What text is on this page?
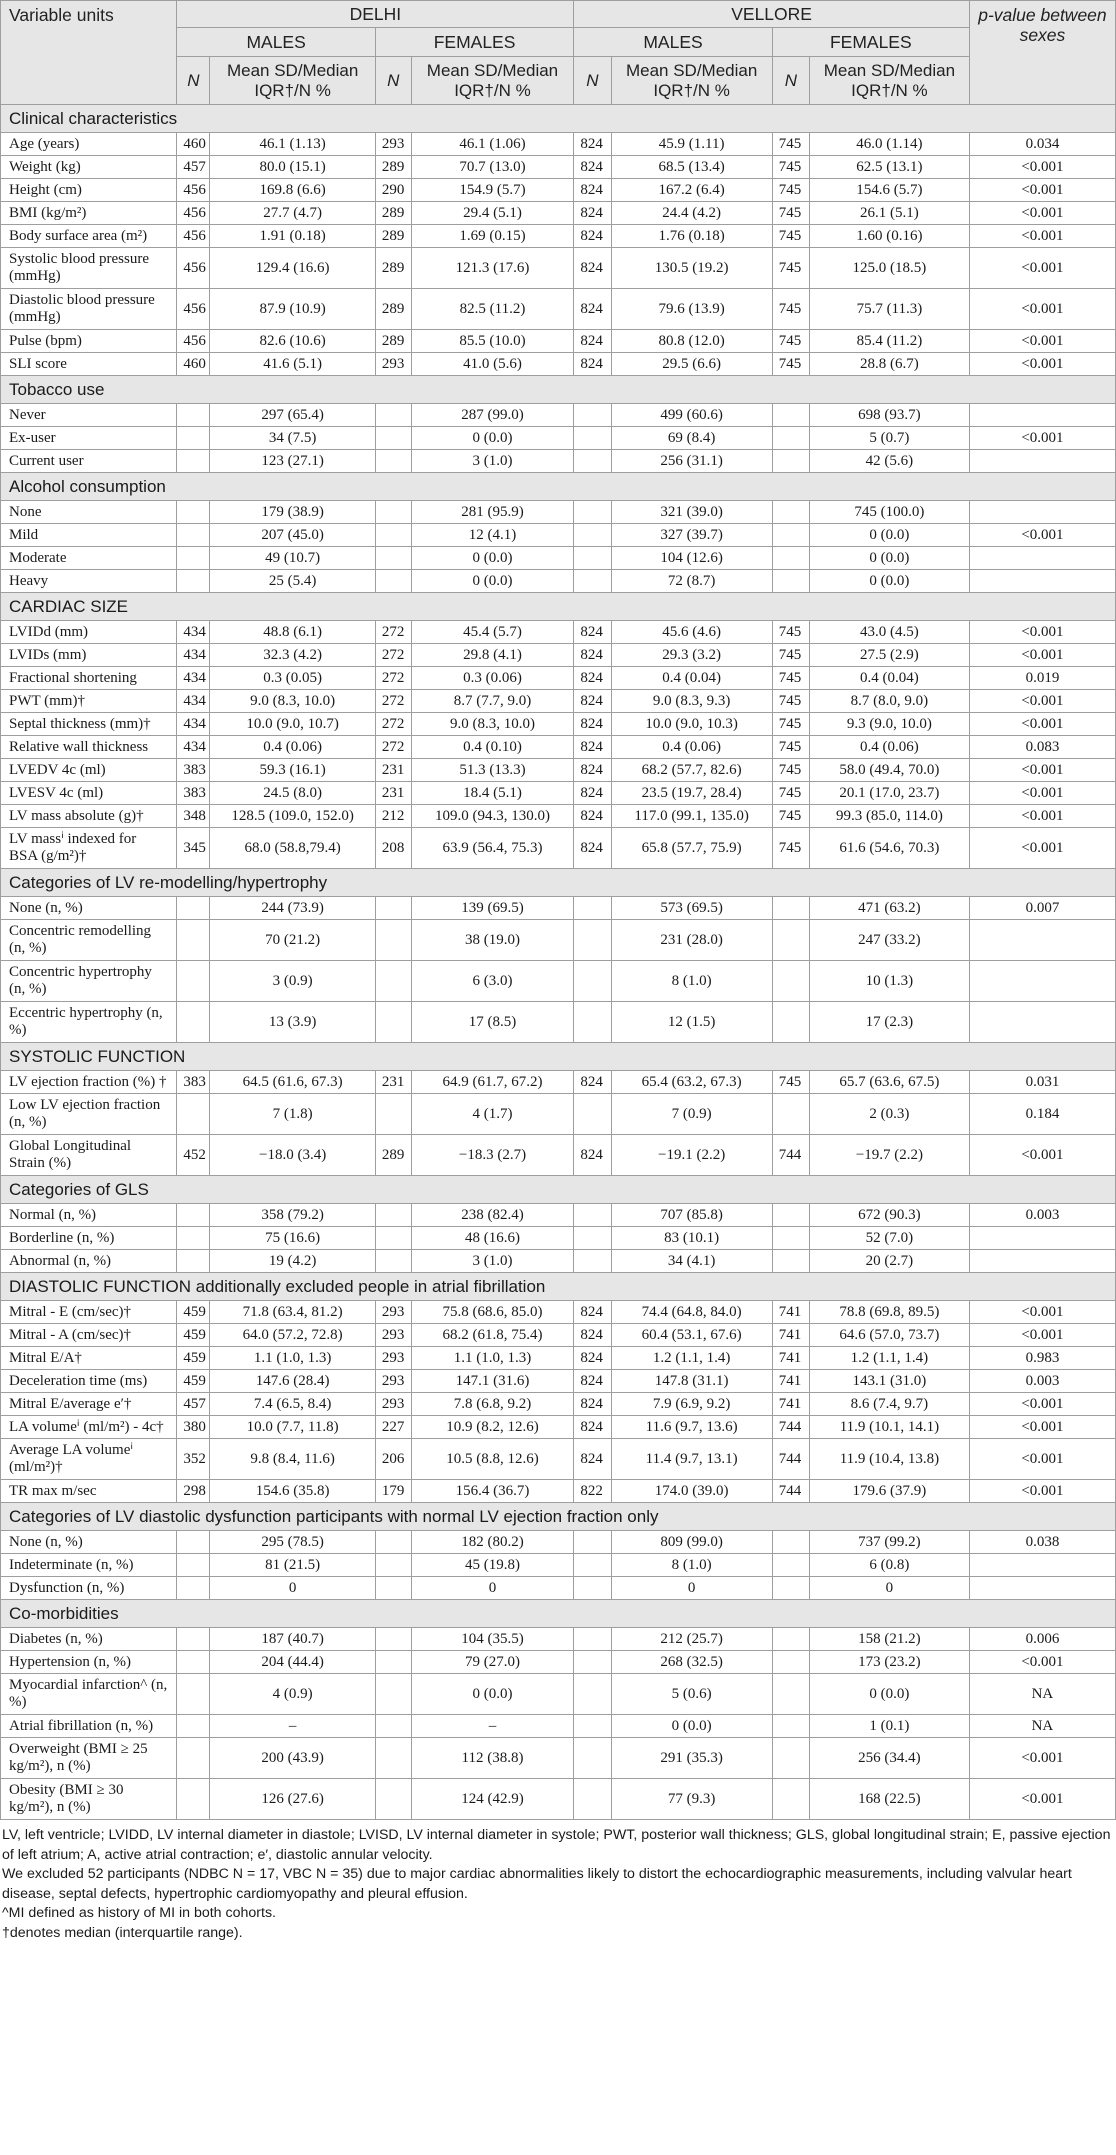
Variable units	DELHI				VELLORE				p-value between sexes
	MALES		FEMALES		MALES		FEMALES		
	N	Mean SD/Median IQR†/N %	N	Mean SD/Median IQR†/N %	N	Mean SD/Median IQR†/N %	N	Mean SD/Median IQR†/N %	
Clinical characteristics									
Age (years)	460	46.1 (1.13)	293	46.1 (1.06)	824	45.9 (1.11)	745	46.0 (1.14)	0.034
Weight (kg)	457	80.0 (15.1)	289	70.7 (13.0)	824	68.5 (13.4)	745	62.5 (13.1)	<0.001
Height (cm)	456	169.8 (6.6)	290	154.9 (5.7)	824	167.2 (6.4)	745	154.6 (5.7)	<0.001
BMI (kg/m²)	456	27.7 (4.7)	289	29.4 (5.1)	824	24.4 (4.2)	745	26.1 (5.1)	<0.001
Body surface area (m²)	456	1.91 (0.18)	289	1.69 (0.15)	824	1.76 (0.18)	745	1.60 (0.16)	<0.001
Systolic blood pressure (mmHg)	456	129.4 (16.6)	289	121.3 (17.6)	824	130.5 (19.2)	745	125.0 (18.5)	<0.001
Diastolic blood pressure (mmHg)	456	87.9 (10.9)	289	82.5 (11.2)	824	79.6 (13.9)	745	75.7 (11.3)	<0.001
Pulse (bpm)	456	82.6 (10.6)	289	85.5 (10.0)	824	80.8 (12.0)	745	85.4 (11.2)	<0.001
SLI score	460	41.6 (5.1)	293	41.0 (5.6)	824	29.5 (6.6)	745	28.8 (6.7)	<0.001
Tobacco use									
Never		297 (65.4)		287 (99.0)		499 (60.6)		698 (93.7)	
Ex-user		34 (7.5)		0 (0.0)		69 (8.4)		5 (0.7)	<0.001
Current user		123 (27.1)		3 (1.0)		256 (31.1)		42 (5.6)	
Alcohol consumption									
None		179 (38.9)		281 (95.9)		321 (39.0)		745 (100.0)	
Mild		207 (45.0)		12 (4.1)		327 (39.7)		0 (0.0)	<0.001
Moderate		49 (10.7)		0 (0.0)		104 (12.6)		0 (0.0)	
Heavy		25 (5.4)		0 (0.0)		72 (8.7)		0 (0.0)	
CARDIAC SIZE									
LVIDd (mm)	434	48.8 (6.1)	272	45.4 (5.7)	824	45.6 (4.6)	745	43.0 (4.5)	<0.001
LVIDs (mm)	434	32.3 (4.2)	272	29.8 (4.1)	824	29.3 (3.2)	745	27.5 (2.9)	<0.001
Fractional shortening	434	0.3 (0.05)	272	0.3 (0.06)	824	0.4 (0.04)	745	0.4 (0.04)	0.019
PWT (mm)†	434	9.0 (8.3, 10.0)	272	8.7 (7.7, 9.0)	824	9.0 (8.3, 9.3)	745	8.7 (8.0, 9.0)	<0.001
Septal thickness (mm)†	434	10.0 (9.0, 10.7)	272	9.0 (8.3, 10.0)	824	10.0 (9.0, 10.3)	745	9.3 (9.0, 10.0)	<0.001
Relative wall thickness	434	0.4 (0.06)	272	0.4 (0.10)	824	0.4 (0.06)	745	0.4 (0.06)	0.083
LVEDV 4c (ml)	383	59.3 (16.1)	231	51.3 (13.3)	824	68.2 (57.7, 82.6)	745	58.0 (49.4, 70.0)	<0.001
LVESV 4c (ml)	383	24.5 (8.0)	231	18.4 (5.1)	824	23.5 (19.7, 28.4)	745	20.1 (17.0, 23.7)	<0.001
LV mass absolute (g)†	348	128.5 (109.0, 152.0)	212	109.0 (94.3, 130.0)	824	117.0 (99.1, 135.0)	745	99.3 (85.0, 114.0)	<0.001
LV massⁱ indexed for BSA (g/m²)†	345	68.0 (58.8,79.4)	208	63.9 (56.4, 75.3)	824	65.8 (57.7, 75.9)	745	61.6 (54.6, 70.3)	<0.001
Categories of LV re-modelling/hypertrophy									
None (n, %)		244 (73.9)		139 (69.5)		573 (69.5)		471 (63.2)	0.007
Concentric remodelling (n, %)		70 (21.2)		38 (19.0)		231 (28.0)		247 (33.2)	
Concentric hypertrophy (n, %)		3 (0.9)		6 (3.0)		8 (1.0)		10 (1.3)	
Eccentric hypertrophy (n, %)		13 (3.9)		17 (8.5)		12 (1.5)		17 (2.3)	
SYSTOLIC FUNCTION									
LV ejection fraction (%) †	383	64.5 (61.6, 67.3)	231	64.9 (61.7, 67.2)	824	65.4 (63.2, 67.3)	745	65.7 (63.6, 67.5)	0.031
Low LV ejection fraction (n, %)		7 (1.8)		4 (1.7)		7 (0.9)		2 (0.3)	0.184
Global Longitudinal Strain (%)	452	−18.0 (3.4)	289	−18.3 (2.7)	824	−19.1 (2.2)	744	−19.7 (2.2)	<0.001
Categories of GLS									
Normal (n, %)		358 (79.2)		238 (82.4)		707 (85.8)		672 (90.3)	0.003
Borderline (n, %)		75 (16.6)		48 (16.6)		83 (10.1)		52 (7.0)	
Abnormal (n, %)		19 (4.2)		3 (1.0)		34 (4.1)		20 (2.7)	
DIASTOLIC FUNCTION additionally excluded people in atrial fibrillation									
Mitral - E (cm/sec)†	459	71.8 (63.4, 81.2)	293	75.8 (68.6, 85.0)	824	74.4 (64.8, 84.0)	741	78.8 (69.8, 89.5)	<0.001
Mitral - A (cm/sec)†	459	64.0 (57.2, 72.8)	293	68.2 (61.8, 75.4)	824	60.4 (53.1, 67.6)	741	64.6 (57.0, 73.7)	<0.001
Mitral E/A†	459	1.1 (1.0, 1.3)	293	1.1 (1.0, 1.3)	824	1.2 (1.1, 1.4)	741	1.2 (1.1, 1.4)	0.983
Deceleration time (ms)	459	147.6 (28.4)	293	147.1 (31.6)	824	147.8 (31.1)	741	143.1 (31.0)	0.003
Mitral E/average e′†	457	7.4 (6.5, 8.4)	293	7.8 (6.8, 9.2)	824	7.9 (6.9, 9.2)	741	8.6 (7.4, 9.7)	<0.001
LA volumeⁱ (ml/m²) - 4c†	380	10.0 (7.7, 11.8)	227	10.9 (8.2, 12.6)	824	11.6 (9.7, 13.6)	744	11.9 (10.1, 14.1)	<0.001
Average LA volumeⁱ (ml/m²)†	352	9.8 (8.4, 11.6)	206	10.5 (8.8, 12.6)	824	11.4 (9.7, 13.1)	744	11.9 (10.4, 13.8)	<0.001
TR max m/sec	298	154.6 (35.8)	179	156.4 (36.7)	822	174.0 (39.0)	744	179.6 (37.9)	<0.001
Categories of LV diastolic dysfunction participants with normal LV ejection fraction only									
None (n, %)		295 (78.5)		182 (80.2)		809 (99.0)		737 (99.2)	0.038
Indeterminate (n, %)		81 (21.5)		45 (19.8)		8 (1.0)		6 (0.8)	
Dysfunction (n, %)		0		0		0		0	
Co-morbidities									
Diabetes (n, %)		187 (40.7)		104 (35.5)		212 (25.7)		158 (21.2)	0.006
Hypertension (n, %)		204 (44.4)		79 (27.0)		268 (32.5)		173 (23.2)	<0.001
Myocardial infarction^ (n, %)		4 (0.9)		0 (0.0)		5 (0.6)		0 (0.0)	NA
Atrial fibrillation (n, %)		–		–		0 (0.0)		1 (0.1)	NA
Overweight (BMI ≥ 25 kg/m²), n (%)		200 (43.9)		112 (38.8)		291 (35.3)		256 (34.4)	<0.001
Obesity (BMI ≥ 30 kg/m²), n (%)		126 (27.6)		124 (42.9)		77 (9.3)		168 (22.5)	<0.001
LV, left ventricle; LVIDD, LV internal diameter in diastole; LVISD, LV internal diameter in systole; PWT, posterior wall thickness; GLS, global longitudinal strain; E, passive ejection of left atrium; A, active atrial contraction; e′, diastolic annular velocity.
We excluded 52 participants (NDBC N = 17, VBC N = 35) due to major cardiac abnormalities likely to distort the echocardiographic measurements, including valvular heart disease, septal defects, hypertrophic cardiomyopathy and pleural effusion.
^MI defined as history of MI in both cohorts.
†denotes median (interquartile range).
